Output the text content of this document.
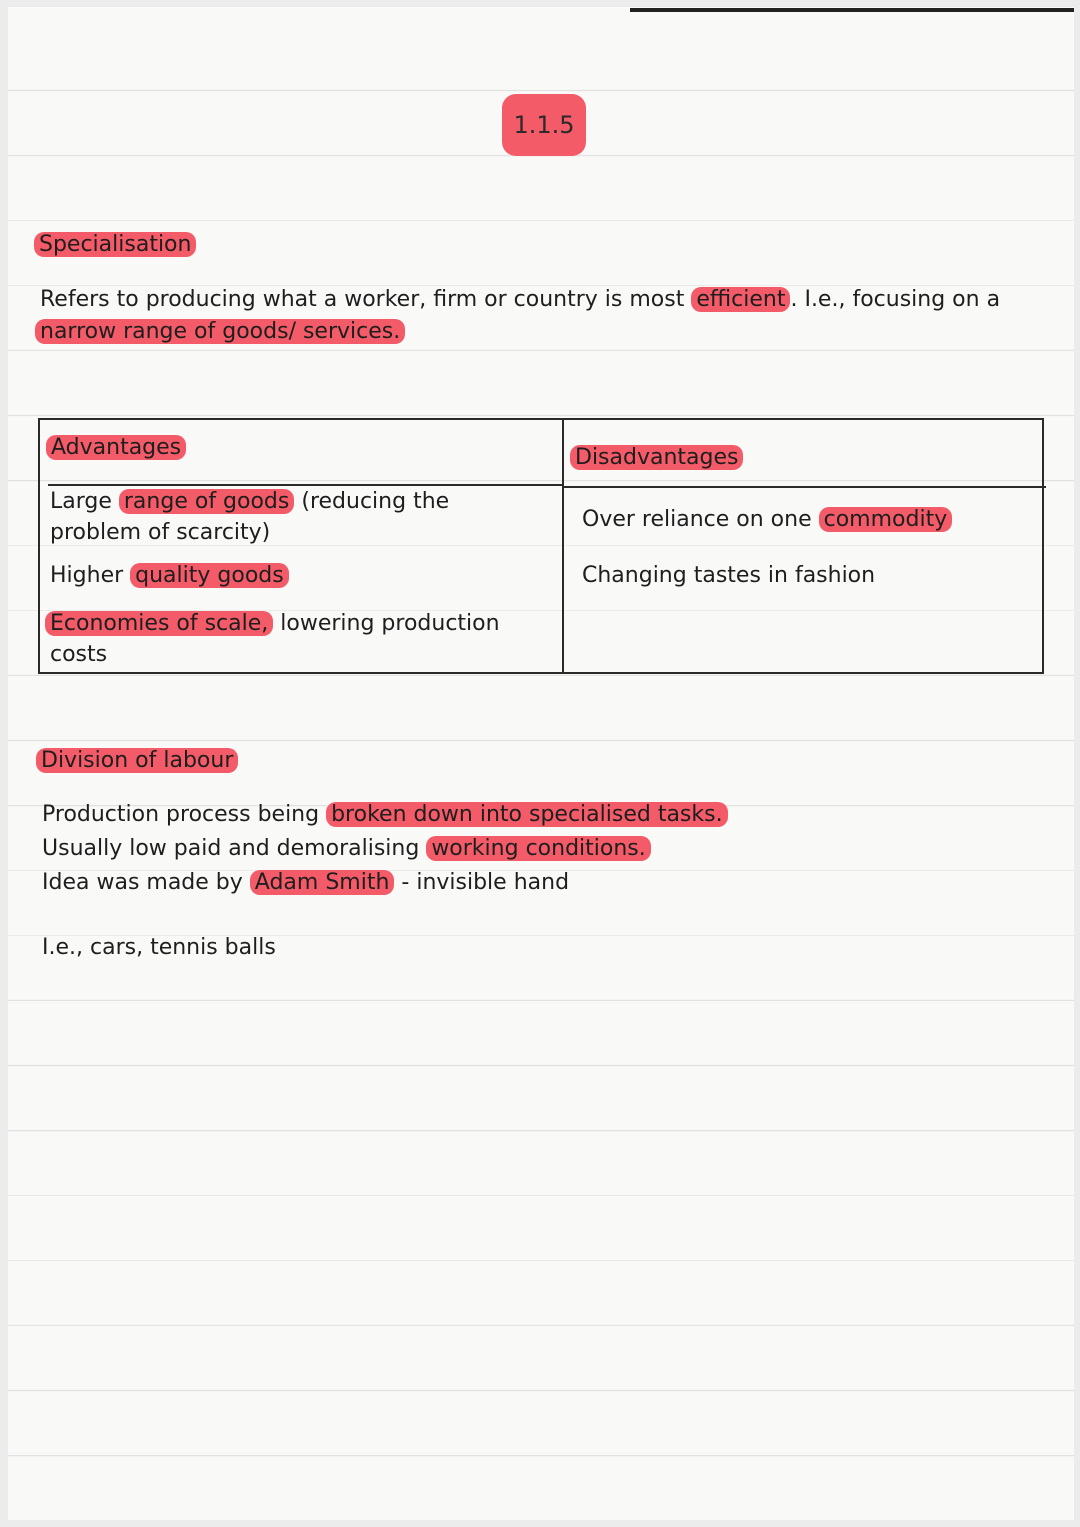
1.1.5
Specialisation
Refers to producing what a worker, firm or country is most efficient . I.e., focusing on a
narrow range of goods/ services.
Advantages	Disadvantages
Large range of goods (reducing the
problem of scarcity)
Higher quality goods
Economies of scale, lowering production
costs
Over reliance on one commodity
Changing tastes in fashion
Division of labour
Production process being broken down into specialised tasks.
Usually low paid and demoralising working conditions.
Idea was made by Adam Smith - invisible hand
I.e., cars, tennis balls
